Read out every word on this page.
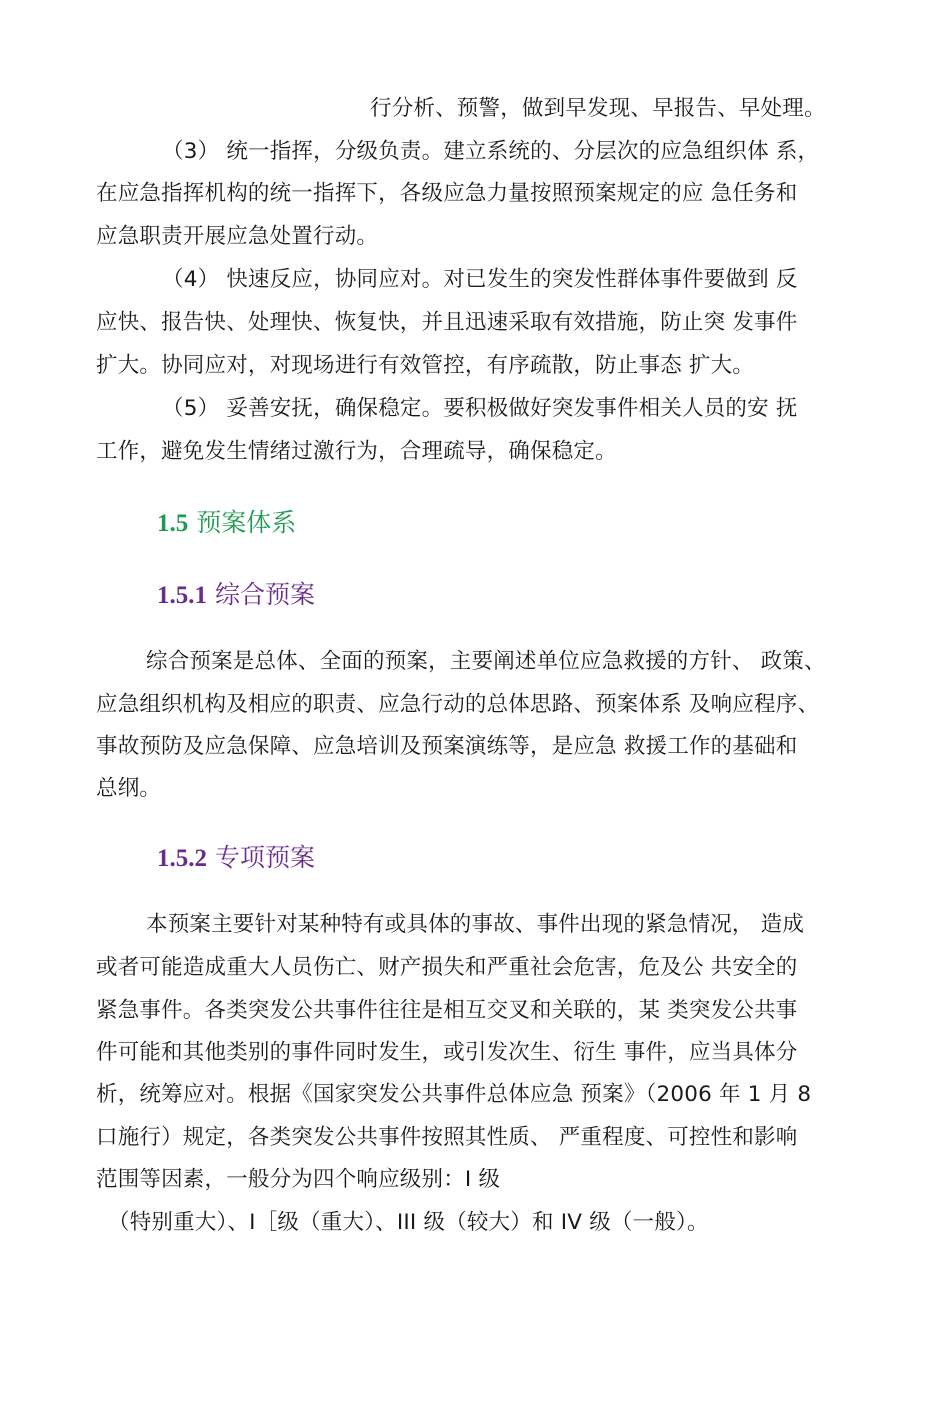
行分析、预警，做到早发现、早报告、早处理。
（3） 统一指挥，分级负责。建立系统的、分层次的应急组织体 系，
在应急指挥机构的统一指挥下，各级应急力量按照预案规定的应 急任务和
应急职责开展应急处置行动。
（4） 快速反应，协同应对。对已发生的突发性群体事件要做到 反
应快、报告快、处理快、恢复快，并且迅速采取有效措施，防止突 发事件
扩大。协同应对，对现场进行有效管控，有序疏散，防止事态 扩大。
（5） 妥善安抚，确保稳定。要积极做好突发事件相关人员的安 抚
工作，避免发生情绪过激行为，合理疏导，确保稳定。
1.5 预案体系
1.5.1 综合预案
综合预案是总体、全面的预案，主要阐述单位应急救援的方针、 政策、
应急组织机构及相应的职责、应急行动的总体思路、预案体系 及响应程序、
事故预防及应急保障、应急培训及预案演练等，是应急 救援工作的基础和
总纲。
1.5.2 专项预案
本预案主要针对某种特有或具体的事故、事件出现的紧急情况， 造成
或者可能造成重大人员伤亡、财产损失和严重社会危害，危及公 共安全的
紧急事件。各类突发公共事件往往是相互交叉和关联的，某 类突发公共事
件可能和其他类别的事件同时发生，或引发次生、衍生 事件，应当具体分
析，统筹应对。根据《国家突发公共事件总体应急 预案》（2006 年 1 月 8
口施行）规定，各类突发公共事件按照其性质、 严重程度、可控性和影响
范围等因素，一般分为四个响应级别：I 级
（特别重大）、I［级（重大）、III 级（较大）和 IV 级（一般）。
